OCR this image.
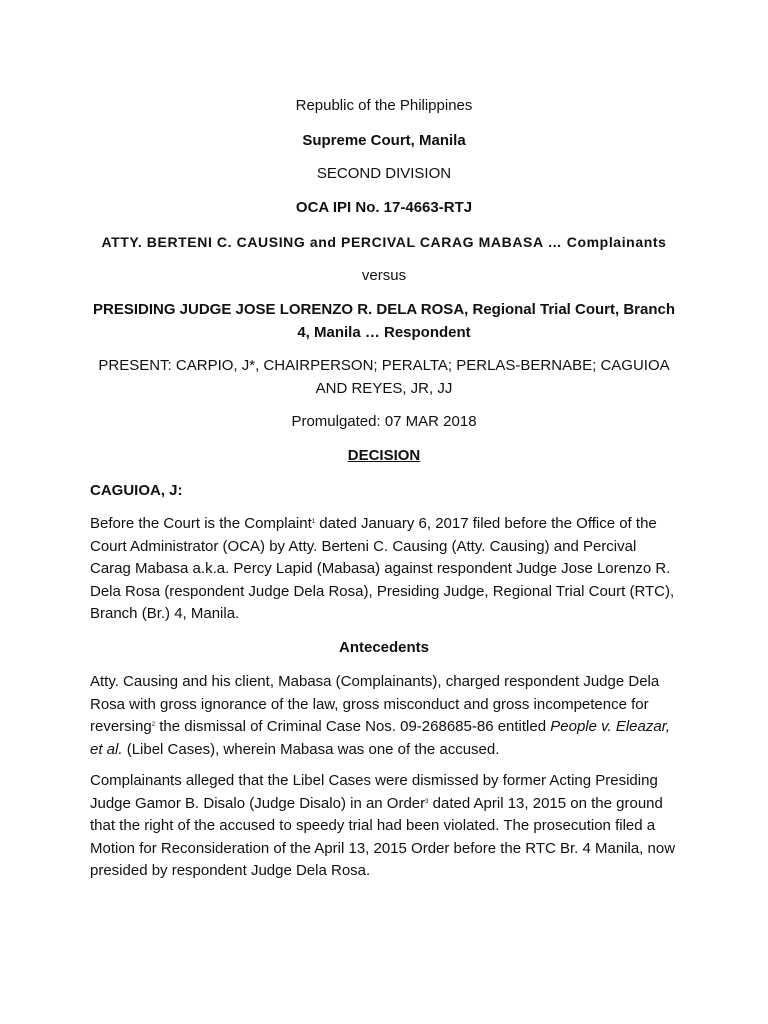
Republic of the Philippines

Supreme Court, Manila

SECOND DIVISION

OCA IPI No. 17-4663-RTJ

ATTY. BERTENI C. CAUSING and PERCIVAL CARAG MABASA … Complainants

versus

PRESIDING JUDGE JOSE LORENZO R. DELA ROSA, Regional Trial Court, Branch 4, Manila … Respondent

PRESENT: CARPIO, J*, CHAIRPERSON; PERALTA; PERLAS-BERNABE; CAGUIOA AND REYES, JR, JJ

Promulgated: 07 MAR 2018

DECISION

CAGUIOA, J:

Before the Court is the Complaint$^1$ dated January 6, 2017 filed before the Office of the Court Administrator (OCA) by Atty. Berteni C. Causing (Atty. Causing) and Percival Carag Mabasa a.k.a. Percy Lapid (Mabasa) against respondent Judge Jose Lorenzo R. Dela Rosa (respondent Judge Dela Rosa), Presiding Judge, Regional Trial Court (RTC), Branch (Br.) 4, Manila.

Antecedents

Atty. Causing and his client, Mabasa (Complainants), charged respondent Judge Dela Rosa with gross ignorance of the law, gross misconduct and gross incompetence for reversing$^2$ the dismissal of Criminal Case Nos. 09-268685-86 entitled People v. Eleazar, et al. (Libel Cases), wherein Mabasa was one of the accused.

Complainants alleged that the Libel Cases were dismissed by former Acting Presiding Judge Gamor B. Disalo (Judge Disalo) in an Order$^3$ dated April 13, 2015 on the ground that the right of the accused to speedy trial had been violated. The prosecution filed a Motion for Reconsideration of the April 13, 2015 Order before the RTC Br. 4 Manila, now presided by respondent Judge Dela Rosa.
